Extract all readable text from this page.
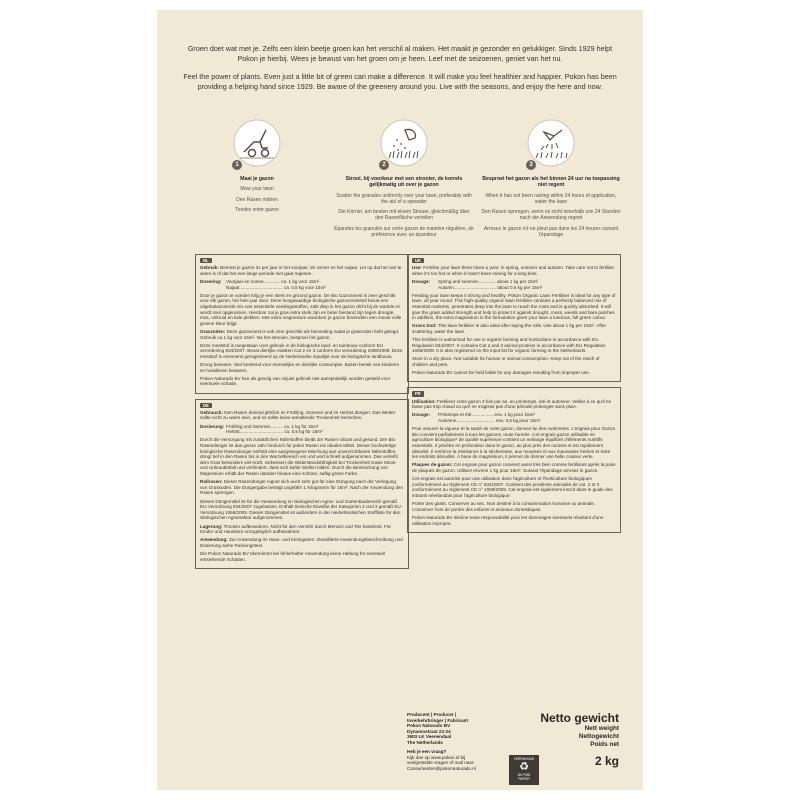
Groen doet wat met je. Zelfs een klein beetje groen kan het verschil al maken. Het maakt je gezonder en gelukkiger. Sinds 1929 helpt Pokon je hierbij. Wees je bewust van het groen om je heen. Leef met de seizoenen, geniet van het nu.

Feel the power of plants. Even just a little bit of green can make a difference. It will make you feel healthier and happier. Pokon has been providing a helping hand since 1929. Be aware of the greenery around you. Live with the seasons, and enjoy the here and now.

1
Maai je gazon
Mow your lawn
Den Rasen mähen
Tondez votre gazon
2
Strooi, bij voorkeur met een strooier, de korrels gelijkmatig uit over je gazon
Scatter the granules uniformly over your lawn, preferably with the aid of a spreader
Die Körner, am besten mit einem Streuer, gleichmäßig über den Rasenfläche verteilen
Épandez les granulés sur votre gazon de manière régulière, de préférence avec un épandeur
3
Besproei het gazon als het binnen 24 uur na toepassing niet regent
When it has not been raining within 24 hours of application, water the lawn
Den Rasen sprengen, wenn es nicht innerhalb von 24 Stunden nach der Anwendung regnet
Arrosez le gazon s'il ne pleut pas dans les 24 heures suivant l'épandage
NL

Gebruik: Bemest je gazon 3x per jaar in het voorjaar, de zomer en het najaar. Let op dat het niet te warm is of dat het een lange periode niet gaat regenen.

Dosering: Voorjaar en zomer............. ca. 1 kg voor 15m²
Najaar.................................. ca. 0,5 kg voor 15m²

Door je gazon te voeden krijg je een sterk en gezond gazon. De Bio Gazonmest is zeer geschikt voor elk gazon, het hele jaar door. Deze hoogwaardige biologische gazonmeststof bevat een uitgebalanceerde mix van essentiële voedingsstoffen, zakt diep in het gazon dicht bij de wortels en wordt snel opgenomen. Hierdoor zal je gras extra sterk zijn en beter bestand zijn tegen droogte, mos, onkruid en kale plekken. Met extra magnesium waardoor je gazon bovendien een mooie volle groene kleur krijgt.

Graszoden: Deze gazonmest is ook zeer geschikt als bemesting nadat je graszoden hebt gelegd. Gebruik ca 1 kg voor 15m². Na het strooien, besproei het gazon.

Deze meststof is toegestaan voor gebruik in de biologische land- en tuinbouw conform EU verordening 834/2007. Bevat dierlijke eiwitten Cat 2 en 3 conform EU verordening 1069/2009. Deze meststof is eveneens geregistreerd op de Nederlandse inputlijst voor de biologische landbouw.

Droog bewaren. Niet bestemd voor menselijke en dierlijke consumptie. Buiten bereik van kinderen en huisdieren bewaren.

Pokon Naturado BV kan als gevolg van onjuist gebruik niet aansprakelijk worden gesteld voor eventuele schade.

DE

Gebrauch: Den Rasen dreimal jährlich im Frühling, Sommer und im Herbst düngen. Das Wetter sollte nicht zu warm sein, und es sollte keine anhaltende Trockenheit herrschen.

Dosierung: Frühling und Sommer.......... ca. 1 kg für 15m²
Herbst.................................. ca. 0,5 kg für 15m²

Durch die Versorgung mit zusätzlichen Nährstoffen bleibt der Rasen robust und gesund. Der Bio Rasendünger ist das ganze Jahr hindurch für jeden Rasen ein ideales Mittel. Dieser hochwertige biologische Rasendünger enthält eine ausgewogene Mischung aus unverzichtbaren Nährstoffen, dringt tief in den Rasen bis in den Wurzelbereich ein und wird schnell aufgenommen. Das verleiht dem Gras besonders viel Kraft, verbessert die Widerstandsfähigkeit bei Trockenheit sowie Moos- und Unkrautbefall und verhindert, dass sich kahle Stellen bilden. Durch die Beimischung von Magnesium erhält der Rasen darüber hinaus eine schöne, saftig-grüne Farbe.

Rollrasen: Dieser Rasendünger eignet sich auch sehr gut für eine Düngung nach der Verlegung von Grassoden. Die Düngergabe beträgt ungefähr 1 Kilogramm für 15m². Nach der Anwendung den Rasen sprengen.

Dieses Düngemittel ist für die Verwendung im ökologischen Agrar- und Gartenbaubereich gemäß EU-Verordnung 834/2007 zugelassen. Enthält tierische Eiweiße der Kategorien 2 und 3 gemäß EU-Verordnung 1069/2009. Dieses Düngemittel ist außerdem in der niederländischen Stoffliste für den ökologischen Agrarsektor aufgenommen.

Lagerung: Trocken aufbewahren. Nicht für den Verzehr durch Mensch und Tier bestimmt. Für Kinder und Haustiere unzugänglich aufbewahren.

Anwendung: Zur Anwendung im Haus- und Kleingarten. Detaillierte Anwendungsbeschreibung und Dosierung siehe Packungstext.

Die Pokon Naturado BV übernimmt bei fehlerhafter Anwendung keine Haftung für eventuell entstehende Schäden.

UK

Use: Fertilise your lawn three times a year: in spring, summer and autumn. Take care not to fertilise when it's too hot or when it hasn't been raining for a long time.

Dosage:	Spring and summer.............. about 1 kg per 15m²
Autumn................................. about 0.5 kg per 15m²

Feeding your lawn keeps it strong and healthy. Pokon Organic Lawn Fertiliser is ideal for any type of lawn, all year round. This high-quality organic lawn fertiliser contains a perfectly balanced mix of essential nutrients, penetrates deep into the lawn to reach the roots and is quickly absorbed. It will give the grass added strength and help to protect it against drought, moss, weeds and bare patches. In addition, the extra magnesium in the formulation gives your lawn a luscious, full green colour.

Grass Sod: This lawn fertiliser is also ideal after laying the rolls. Use about 1 kg per 15m². After scattering, water the lawn.

This fertiliser is authorized for use in organic farming and horticulture in accordance with EU Regulation 834/2007. It contains Cat 2 and 3 animal proteins in accordance with EU Regulation 1069/2009. It is also registered on the input list for organic farming in the Netherlands.

Store in a dry place. Not suitable for human or animal consumption. Keep out of the reach of children and pets.

Pokon Naturado BV cannot be held liable for any damages resulting from improper use.

FR

Utilisation: Fertilisez votre gazon 3 fois par an, en printemps, été et automne. Veillez à ce qu'il ne fasse pas trop chaud ou qu'il ne s'agisse pas d'une période prolongée sans pluie.

Dosage:	Printemps et été................. env. 1 kg pour 15m²
Automne.............................. env. 0,5 kg pour 15m²

Pour assurer la vigueur et la santé de votre gazon, donnez-lui des nutriments. L'engrais pour Gazon Bio convient parfaitement à tous les gazons, toute l'année. Cet engrais gazon utilisable en agriculture biologique* de qualité supérieure contient un mélange équilibré d'éléments nutritifs essentiels. Il pénètre en profondeur dans le gazon, au plus près des racines et est rapidement absorbé. Il renforce la résistance à la sécheresse, aux mousses et aux mauvaises herbes et évite les endroits dénudés. À base de magnésium, il permet de donner une belle couleur verte.

Plaques de gazon: Cet engrais pour gazon convient aussi très bien comme fertilisant après la pose de plaques de gazon. Utilisez environ 1 kg pour 15m². Suivant l'épandage arrosez le gazon.

Cet engrais est autorisé pour une utilisation dans l'agriculture et l'horticulture biologiques conformément au règlement CE n° 834/2007. Contient des protéines animales de cat. 2 et 3 conformément au règlement CE n° 1069/2009. Cet engrais est également inscrit dans le guide des intrants néerlandais pour l'agriculture biologique.

Porter des gants. Conserver au sec. Non destiné à la consommation humaine ou animale. Conserver hors de portée des enfants et animaux domestiques.

Pokon Naturado BV décline toute responsabilité pour les dommages éventuels résultant d'une utilisation impropre.

Producent | Producer |
Inverkehrbringer | Fabricant
Pokon Naturado BV
Dynamostraat 22-24
3903 LK Veenendaal
The Netherlands
Heb je een vraag?
Kijk dan op www.pokon.nl bij
veelgestelde vragen of mail naar:
Consumenten@pokonnaturado.nl
Netto gewicht
Nett weight
Nettogewicht
Poids net
2 kg
VERPAKKING
♻
BIJ PMD
PAPIER
